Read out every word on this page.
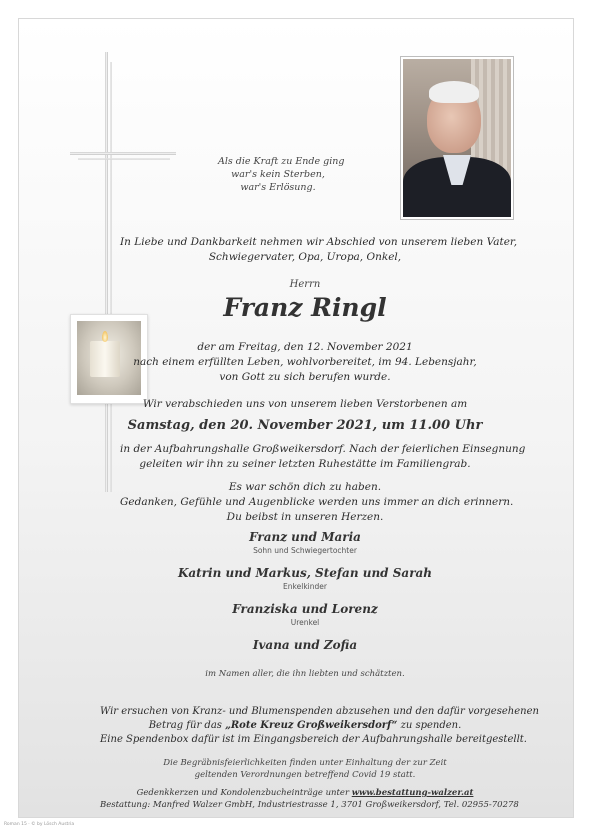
Als die Kraft zu Ende ging
war's kein Sterben,
war's Erlösung.
In Liebe und Dankbarkeit nehmen wir Abschied von unserem lieben Vater,
Schwiegervater, Opa, Uropa, Onkel,
Herrn
Franz Ringl
der am Freitag, den 12. November 2021
nach einem erfüllten Leben, wohlvorbereitet, im 94. Lebensjahr,
von Gott zu sich berufen wurde.
Wir verabschieden uns von unserem lieben Verstorbenen am
Samstag, den 20. November 2021, um 11.00 Uhr
in der Aufbahrungshalle Großweikersdorf. Nach der feierlichen Einsegnung
geleiten wir ihn zu seiner letzten Ruhestätte im Familiengrab.
Es war schön dich zu haben.
Gedanken, Gefühle und Augenblicke werden uns immer an dich erinnern.
Du beibst in unseren Herzen.
Franz und Maria
Sohn und Schwiegertochter
Katrin und Markus, Stefan und Sarah
Enkelkinder
Franziska und Lorenz
Urenkel
Ivana und Zofia
im Namen aller, die ihn liebten und schätzten.
Wir ersuchen von Kranz- und Blumenspenden abzusehen und den dafür vorgesehenen
Betrag für das „Rote Kreuz Großweikersdorf“ zu spenden.
Eine Spendenbox dafür ist im Eingangsbereich der Aufbahrungshalle bereitgestellt.
Die Begräbnisfeierlichkeiten finden unter Einhaltung der zur Zeit
geltenden Verordnungen betreffend Covid 19 statt.
Gedenkkerzen und Kondolenzbucheinträge unter www.bestattung-walzer.at
Bestattung: Manfred Walzer GmbH, Industriestrasse 1, 3701 Großweikersdorf, Tel. 02955-70278
Roman 15 · © by Lösch Austria
